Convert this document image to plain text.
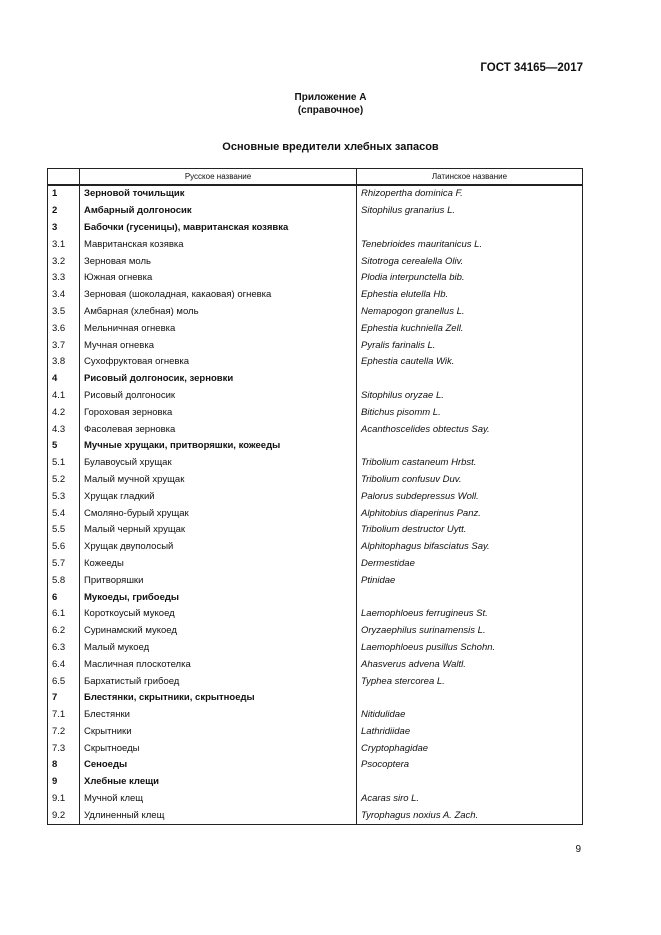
ГОСТ 34165—2017
Приложение А
(справочное)
Основные вредители хлебных запасов
	Русское название	Латинское название
1	Зерновой точильщик	Rhizopertha dominica F.
2	Амбарный долгоносик	Sitophilus granarius L.
3	Бабочки (гусеницы), мавританская козявка	
3.1	Мавританская козявка	Tenebrioides mauritanicus L.
3.2	Зерновая моль	Sitotroga cerealella Oliv.
3.3	Южная огневка	Plodia interpunctella bib.
3.4	Зерновая (шоколадная, какаовая) огневка	Ephestia elutella Hb.
3.5	Амбарная (хлебная) моль	Nemapogon granellus L.
3.6	Мельничная огневка	Ephestia kuchniella Zell.
3.7	Мучная огневка	Pyralis farinalis L.
3.8	Сухофруктовая огневка	Ephestia cautella Wik.
4	Рисовый долгоносик, зерновки	
4.1	Рисовый долгоносик	Sitophilus oryzae L.
4.2	Гороховая зерновка	Bitichus pisomm L.
4.3	Фасолевая зерновка	Acanthoscelides obtectus Say.
5	Мучные хрущаки, притворяшки, кожееды	
5.1	Булавоусый хрущак	Tribolium castaneum Hrbst.
5.2	Малый мучной хрущак	Tribolium confusuv Duv.
5.3	Хрущак гладкий	Palorus subdepressus Woll.
5.4	Смоляно-бурый хрущак	Alphitobius diaperinus Panz.
5.5	Малый черный хрущак	Tribolium destructor Uytt.
5.6	Хрущак двуполосый	Alphitophagus bifasciatus Say.
5.7	Кожееды	Dermestidae
5.8	Притворяшки	Ptinidae
6	Мукоеды, грибоеды	
6.1	Короткоусый мукоед	Laemophloeus ferrugineus St.
6.2	Суринамский мукоед	Oryzaephilus surinamensis L.
6.3	Малый мукоед	Laemophloeus pusillus Schohn.
6.4	Масличная плоскотелка	Ahasverus advena Waltl.
6.5	Бархатистый грибоед	Typhea stercorea L.
7	Блестянки, скрытники, скрытноеды	
7.1	Блестянки	Nitidulidae
7.2	Скрытники	Lathridiidae
7.3	Скрытноеды	Cryptophagidae
8	Сеноеды	Psocoptera
9	Хлебные клещи	
9.1	Мучной клещ	Acaras siro L.
9.2	Удлиненный клещ	Tyrophagus noxius A. Zach.
9
